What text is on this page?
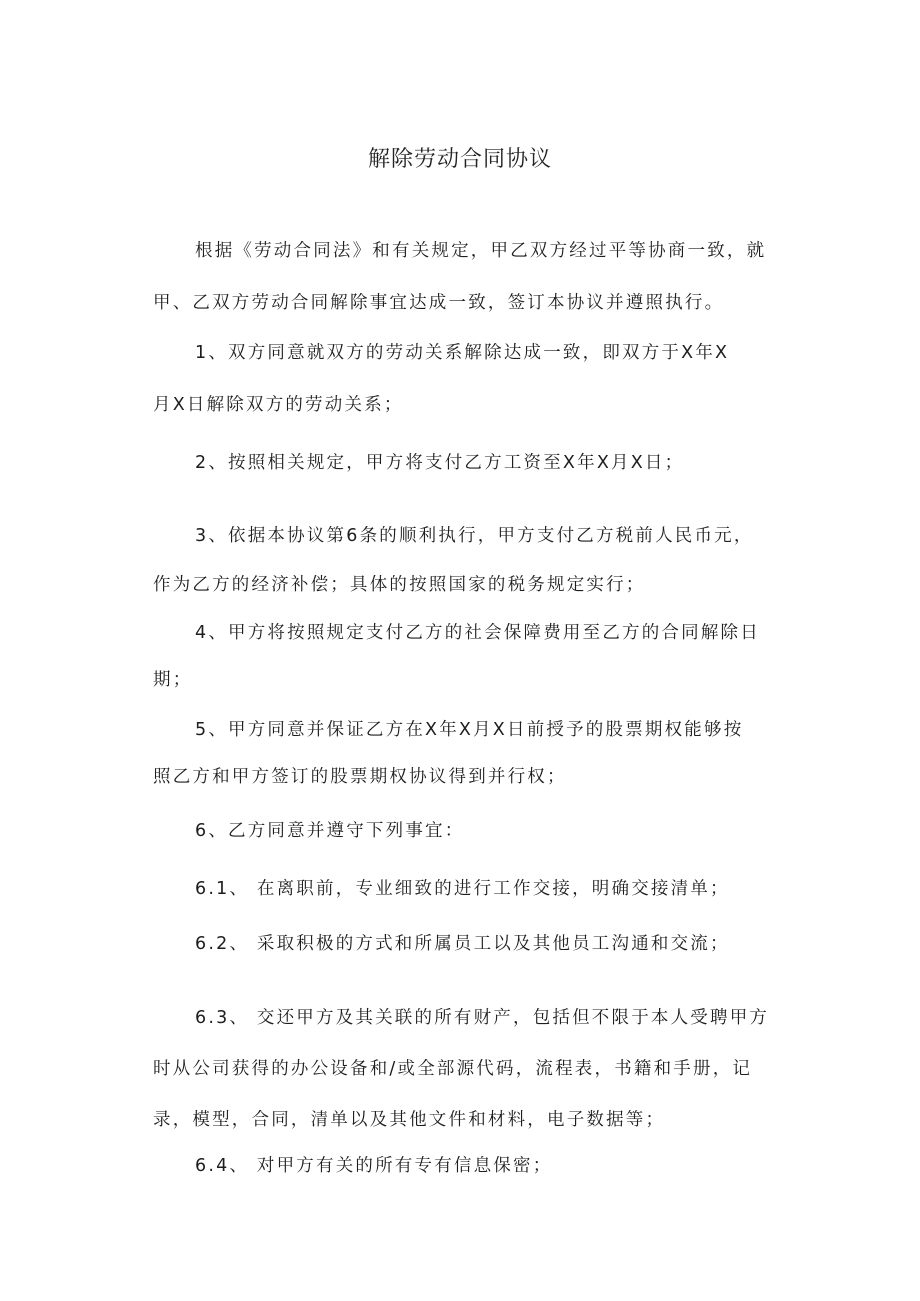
解除劳动合同协议
根据《劳动合同法》和有关规定，甲乙双方经过平等协商一致，就
甲、乙双方劳动合同解除事宜达成一致，签订本协议并遵照执行。
1、双方同意就双方的劳动关系解除达成一致，即双方于X年X
月X日解除双方的劳动关系；
2、按照相关规定，甲方将支付乙方工资至X年X月X日；
3、依据本协议第6条的顺利执行，甲方支付乙方税前人民币元，
作为乙方的经济补偿；具体的按照国家的税务规定实行；
4、甲方将按照规定支付乙方的社会保障费用至乙方的合同解除日
期；
5、甲方同意并保证乙方在X年X月X日前授予的股票期权能够按
照乙方和甲方签订的股票期权协议得到并行权；
6、乙方同意并遵守下列事宜：
6.1、 在离职前，专业细致的进行工作交接，明确交接清单；
6.2、 采取积极的方式和所属员工以及其他员工沟通和交流；
6.3、 交还甲方及其关联的所有财产，包括但不限于本人受聘甲方
时从公司获得的办公设备和/或全部源代码，流程表，书籍和手册，记
录，模型，合同，清单以及其他文件和材料，电子数据等；
6.4、 对甲方有关的所有专有信息保密；
